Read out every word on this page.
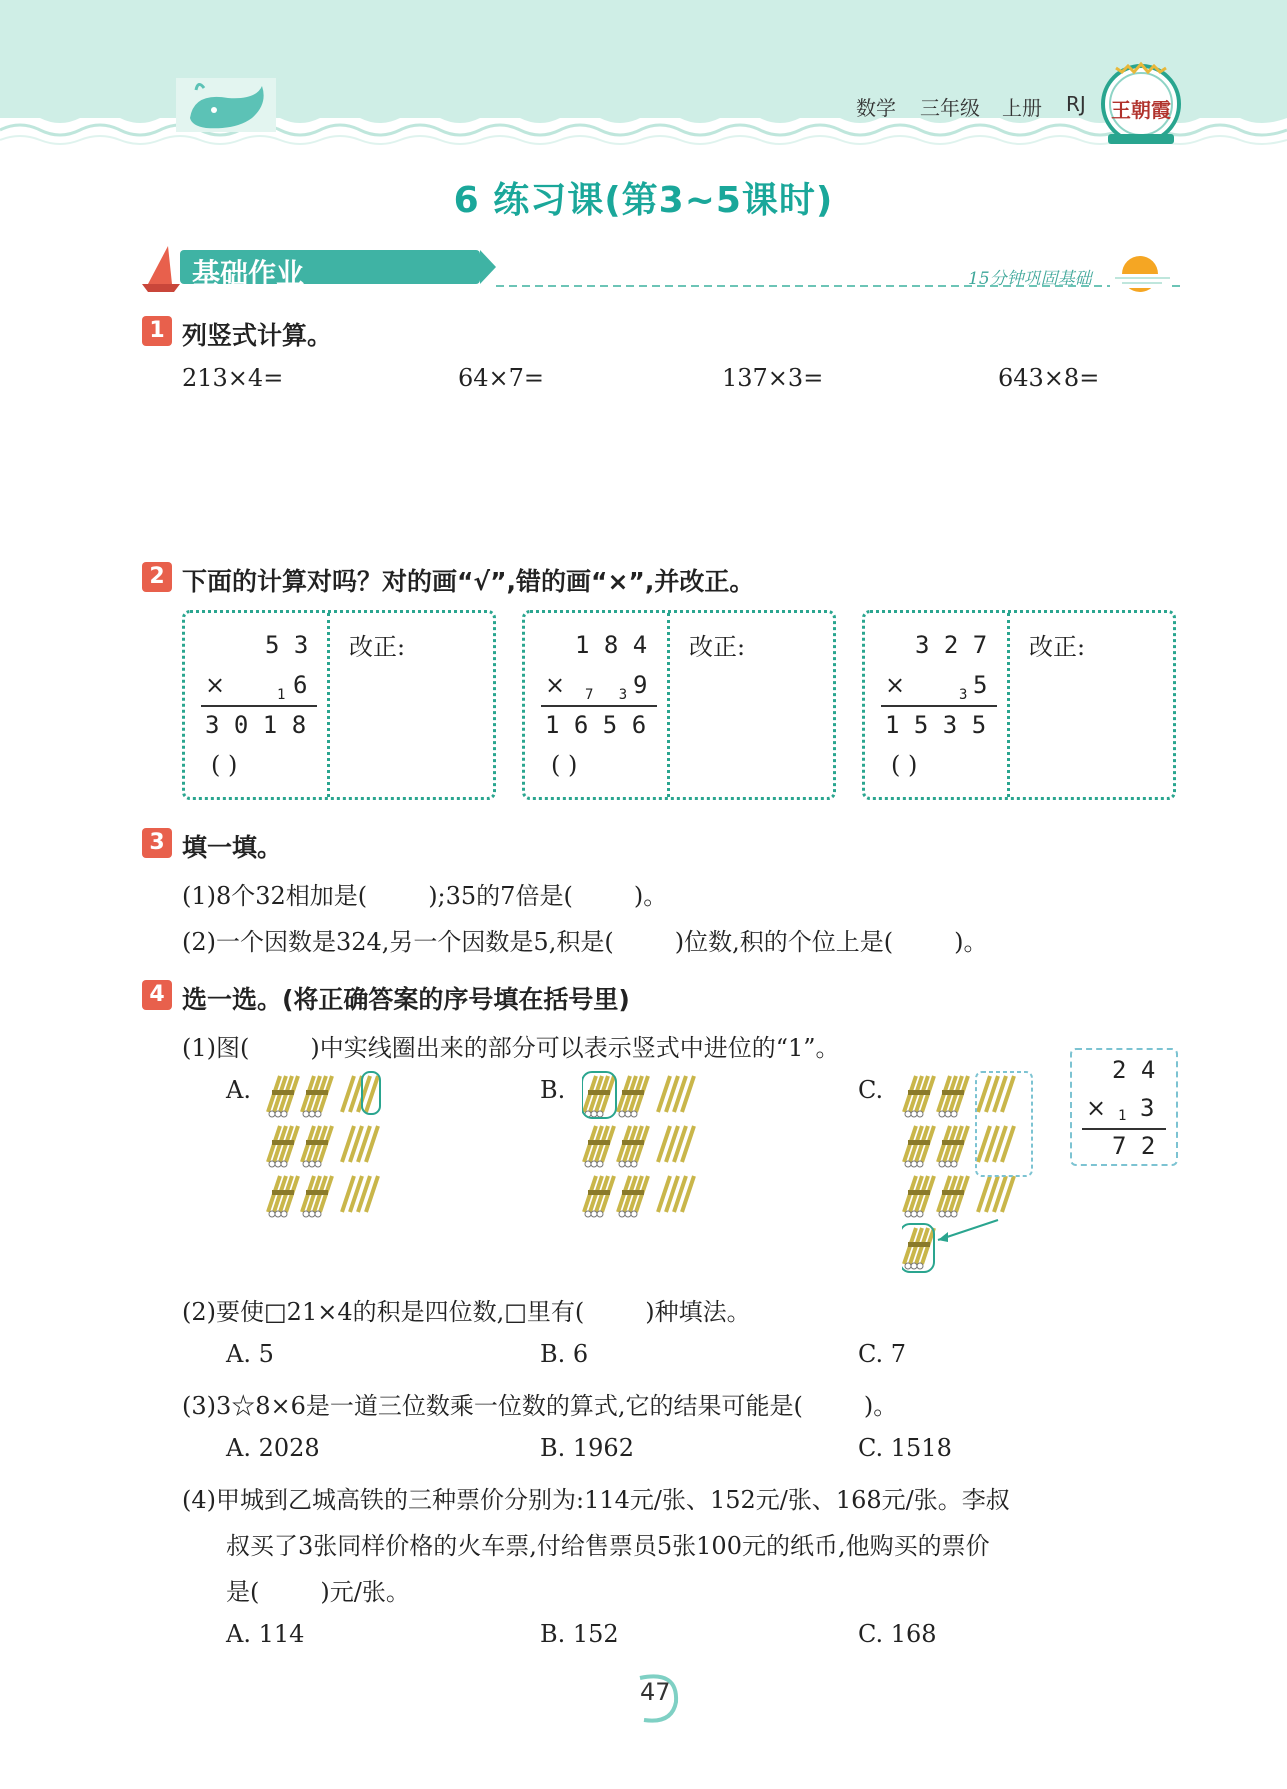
数学 三年级 上册 RJ	王朝霞
6 练习课(第3~5课时)
基础作业	15分钟巩固基础
1 列竖式计算。
213×4=	64×7=	137×3=	643×8=
2 下面的计算对吗？对的画“√”,错的画“×”,并改正。
5 3
×	1 6
3 0 1 8
( )
改正:	1 8 4
× 7   3 9
1 6 5 6
( )
改正:	3 2 7
×	3 5
1 5 3 5
( )
改正:
3 填一填。
(1)8个32相加是(        );35的7倍是(        )。
(2)一个因数是324,另一个因数是5,积是(        )位数,积的个位上是(        )。
4 选一选。(将正确答案的序号填在括号里)
(1)图(        )中实线圈出来的部分可以表示竖式中进位的“1”。
A.	B.	C.
2 4
× 1 3
7 2
(2)要使□21×4的积是四位数,□里有(        )种填法。
A. 5	B. 6	C. 7
(3)3☆8×6是一道三位数乘一位数的算式,它的结果可能是(        )。
A. 2028	B. 1962	C. 1518
(4)甲城到乙城高铁的三种票价分别为:114元/张、152元/张、168元/张。李叔
叔买了3张同样价格的火车票,付给售票员5张100元的纸币,他购买的票价
是(        )元/张。
A. 114	B. 152	C. 168
47
